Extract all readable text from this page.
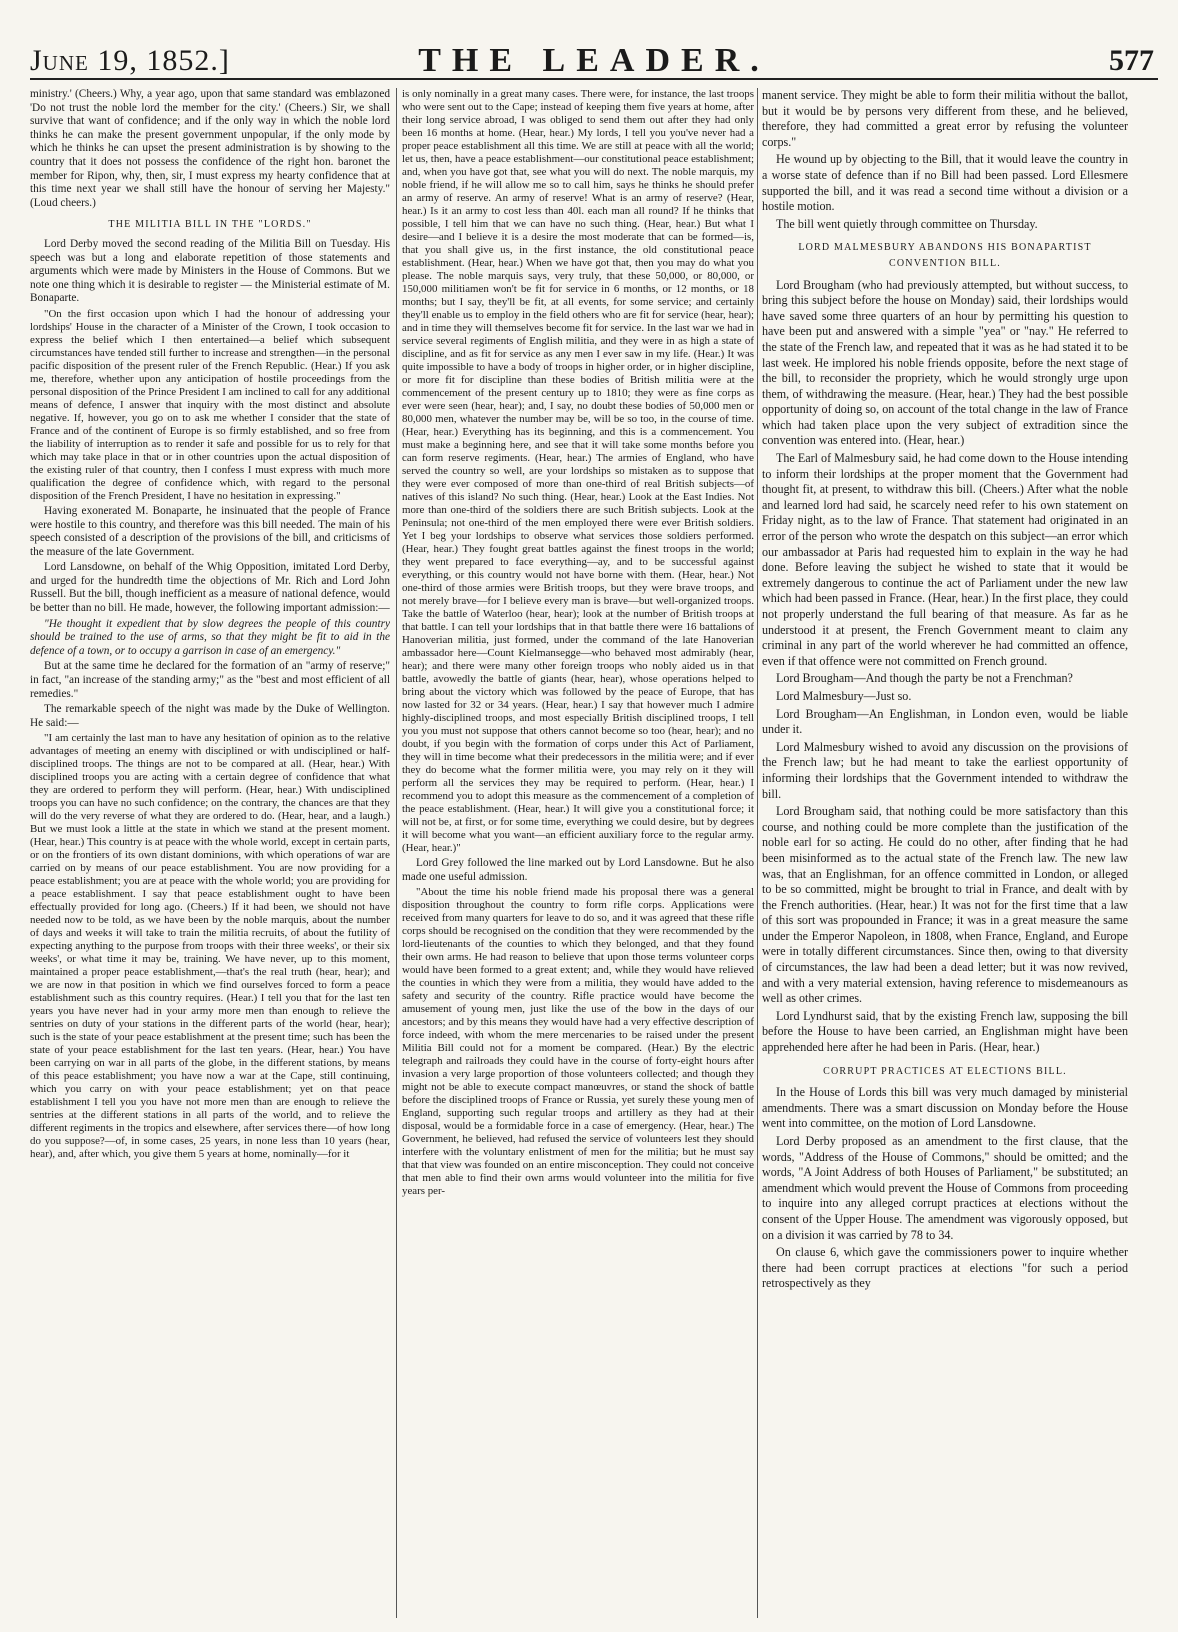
June 19, 1852.]	THE LEADER.	577

ministry.' (Cheers.) Why, a year ago, upon that same standard was emblazoned 'Do not trust the noble lord the member for the city.' (Cheers.) Sir, we shall survive that want of confidence; and if the only way in which the noble lord thinks he can make the present government unpopular, if the only mode by which he thinks he can upset the present administration is by showing to the country that it does not possess the confidence of the right hon. baronet the member for Ripon, why, then, sir, I must express my hearty confidence that at this time next year we shall still have the honour of serving her Majesty." (Loud cheers.)

THE MILITIA BILL IN THE "LORDS."

Lord Derby moved the second reading of the Militia Bill on Tuesday. His speech was but a long and elaborate repetition of those statements and arguments which were made by Ministers in the House of Commons. But we note one thing which it is desirable to register — the Ministerial estimate of M. Bonaparte.

"On the first occasion upon which I had the honour of addressing your lordships' House in the character of a Minister of the Crown, I took occasion to express the belief which I then entertained—a belief which subsequent circumstances have tended still further to increase and strengthen—in the personal pacific disposition of the present ruler of the French Republic. (Hear.) If you ask me, therefore, whether upon any anticipation of hostile proceedings from the personal disposition of the Prince President I am inclined to call for any additional means of defence, I answer that inquiry with the most distinct and absolute negative. If, however, you go on to ask me whether I consider that the state of France and of the continent of Europe is so firmly established, and so free from the liability of interruption as to render it safe and possible for us to rely for that which may take place in that or in other countries upon the actual disposition of the existing ruler of that country, then I confess I must express with much more qualification the degree of confidence which, with regard to the personal disposition of the French President, I have no hesitation in expressing."

Having exonerated M. Bonaparte, he insinuated that the people of France were hostile to this country, and therefore was this bill needed. The main of his speech consisted of a description of the provisions of the bill, and criticisms of the measure of the late Government.

Lord Lansdowne, on behalf of the Whig Opposition, imitated Lord Derby, and urged for the hundredth time the objections of Mr. Rich and Lord John Russell. But the bill, though inefficient as a measure of national defence, would be better than no bill. He made, however, the following important admission:—

"He thought it expedient that by slow degrees the people of this country should be trained to the use of arms, so that they might be fit to aid in the defence of a town, or to occupy a garrison in case of an emergency."

But at the same time he declared for the formation of an "army of reserve;" in fact, "an increase of the standing army;" as the "best and most efficient of all remedies."

The remarkable speech of the night was made by the Duke of Wellington. He said:—

"I am certainly the last man to have any hesitation of opinion as to the relative advantages of meeting an enemy with disciplined or with undisciplined or half-disciplined troops. The things are not to be compared at all. (Hear, hear.) With disciplined troops you are acting with a certain degree of confidence that what they are ordered to perform they will perform. (Hear, hear.) With undisciplined troops you can have no such confidence; on the contrary, the chances are that they will do the very reverse of what they are ordered to do. (Hear, hear, and a laugh.) But we must look a little at the state in which we stand at the present moment. (Hear, hear.) This country is at peace with the whole world, except in certain parts, or on the frontiers of its own distant dominions, with which operations of war are carried on by means of our peace establishment. You are now providing for a peace establishment; you are at peace with the whole world; you are providing for a peace establishment. I say that peace establishment ought to have been effectually provided for long ago. (Cheers.) If it had been, we should not have needed now to be told, as we have been by the noble marquis, about the number of days and weeks it will take to train the militia recruits, of about the futility of expecting anything to the purpose from troops with their three weeks', or their six weeks', or what time it may be, training. We have never, up to this moment, maintained a proper peace establishment,—that's the real truth (hear, hear); and we are now in that position in which we find ourselves forced to form a peace establishment such as this country requires. (Hear.) I tell you that for the last ten years you have never had in your army more men than enough to relieve the sentries on duty of your stations in the different parts of the world (hear, hear); such is the state of your peace establishment at the present time; such has been the state of your peace establishment for the last ten years. (Hear, hear.) You have been carrying on war in all parts of the globe, in the different stations, by means of this peace establishment; you have now a war at the Cape, still continuing, which you carry on with your peace establishment; yet on that peace establishment I tell you you have not more men than are enough to relieve the sentries at the different stations in all parts of the world, and to relieve the different regiments in the tropics and elsewhere, after services there—of how long do you suppose?—of, in some cases, 25 years, in none less than 10 years (hear, hear), and, after which, you give them 5 years at home, nominally—for it

is only nominally in a great many cases. There were, for instance, the last troops who were sent out to the Cape; instead of keeping them five years at home, after their long service abroad, I was obliged to send them out after they had only been 16 months at home. (Hear, hear.) My lords, I tell you you've never had a proper peace establishment all this time. We are still at peace with all the world; let us, then, have a peace establishment—our constitutional peace establishment; and, when you have got that, see what you will do next. The noble marquis, my noble friend, if he will allow me so to call him, says he thinks he should prefer an army of reserve. An army of reserve! What is an army of reserve? (Hear, hear.) Is it an army to cost less than 40l. each man all round? If he thinks that possible, I tell him that we can have no such thing. (Hear, hear.) But what I desire—and I believe it is a desire the most moderate that can be formed—is, that you shall give us, in the first instance, the old constitutional peace establishment. (Hear, hear.) When we have got that, then you may do what you please. The noble marquis says, very truly, that these 50,000, or 80,000, or 150,000 militiamen won't be fit for service in 6 months, or 12 months, or 18 months; but I say, they'll be fit, at all events, for some service; and certainly they'll enable us to employ in the field others who are fit for service (hear, hear); and in time they will themselves become fit for service. In the last war we had in service several regiments of English militia, and they were in as high a state of discipline, and as fit for service as any men I ever saw in my life. (Hear.) It was quite impossible to have a body of troops in higher order, or in higher discipline, or more fit for discipline than these bodies of British militia were at the commencement of the present century up to 1810; they were as fine corps as ever were seen (hear, hear); and, I say, no doubt these bodies of 50,000 men or 80,000 men, whatever the number may be, will be so too, in the course of time. (Hear, hear.) Everything has its beginning, and this is a commencement. You must make a beginning here, and see that it will take some months before you can form reserve regiments. (Hear, hear.) The armies of England, who have served the country so well, are your lordships so mistaken as to suppose that they were ever composed of more than one-third of real British subjects—of natives of this island? No such thing. (Hear, hear.) Look at the East Indies. Not more than one-third of the soldiers there are such British subjects. Look at the Peninsula; not one-third of the men employed there were ever British soldiers. Yet I beg your lordships to observe what services those soldiers performed. (Hear, hear.) They fought great battles against the finest troops in the world; they went prepared to face everything—ay, and to be successful against everything, or this country would not have borne with them. (Hear, hear.) Not one-third of those armies were British troops, but they were brave troops, and not merely brave—for I believe every man is brave—but well-organized troops. Take the battle of Waterloo (hear, hear); look at the number of British troops at that battle. I can tell your lordships that in that battle there were 16 battalions of Hanoverian militia, just formed, under the command of the late Hanoverian ambassador here—Count Kielmansegge—who behaved most admirably (hear, hear); and there were many other foreign troops who nobly aided us in that battle, avowedly the battle of giants (hear, hear), whose operations helped to bring about the victory which was followed by the peace of Europe, that has now lasted for 32 or 34 years. (Hear, hear.) I say that however much I admire highly-disciplined troops, and most especially British disciplined troops, I tell you you must not suppose that others cannot become so too (hear, hear); and no doubt, if you begin with the formation of corps under this Act of Parliament, they will in time become what their predecessors in the militia were; and if ever they do become what the former militia were, you may rely on it they will perform all the services they may be required to perform. (Hear, hear.) I recommend you to adopt this measure as the commencement of a completion of the peace establishment. (Hear, hear.) It will give you a constitutional force; it will not be, at first, or for some time, everything we could desire, but by degrees it will become what you want—an efficient auxiliary force to the regular army. (Hear, hear.)"

Lord Grey followed the line marked out by Lord Lansdowne. But he also made one useful admission.

"About the time his noble friend made his proposal there was a general disposition throughout the country to form rifle corps. Applications were received from many quarters for leave to do so, and it was agreed that these rifle corps should be recognised on the condition that they were recommended by the lord-lieutenants of the counties to which they belonged, and that they found their own arms. He had reason to believe that upon those terms volunteer corps would have been formed to a great extent; and, while they would have relieved the counties in which they were from a militia, they would have added to the safety and security of the country. Rifle practice would have become the amusement of young men, just like the use of the bow in the days of our ancestors; and by this means they would have had a very effective description of force indeed, with whom the mere mercenaries to be raised under the present Militia Bill could not for a moment be compared. (Hear.) By the electric telegraph and railroads they could have in the course of forty-eight hours after invasion a very large proportion of those volunteers collected; and though they might not be able to execute compact manœuvres, or stand the shock of battle before the disciplined troops of France or Russia, yet surely these young men of England, supporting such regular troops and artillery as they had at their disposal, would be a formidable force in a case of emergency. (Hear, hear.) The Government, he believed, had refused the service of volunteers lest they should interfere with the voluntary enlistment of men for the militia; but he must say that that view was founded on an entire misconception. They could not conceive that men able to find their own arms would volunteer into the militia for five years per-

manent service. They might be able to form their militia without the ballot, but it would be by persons very different from these, and he believed, therefore, they had committed a great error by refusing the volunteer corps."

He wound up by objecting to the Bill, that it would leave the country in a worse state of defence than if no Bill had been passed. Lord Ellesmere supported the bill, and it was read a second time without a division or a hostile motion.

The bill went quietly through committee on Thursday.

LORD MALMESBURY ABANDONS HIS BONAPARTIST CONVENTION BILL.

Lord Brougham (who had previously attempted, but without success, to bring this subject before the house on Monday) said, their lordships would have saved some three quarters of an hour by permitting his question to have been put and answered with a simple "yea" or "nay." He referred to the state of the French law, and repeated that it was as he had stated it to be last week. He implored his noble friends opposite, before the next stage of the bill, to reconsider the propriety, which he would strongly urge upon them, of withdrawing the measure. (Hear, hear.) They had the best possible opportunity of doing so, on account of the total change in the law of France which had taken place upon the very subject of extradition since the convention was entered into. (Hear, hear.)

The Earl of Malmesbury said, he had come down to the House intending to inform their lordships at the proper moment that the Government had thought fit, at present, to withdraw this bill. (Cheers.) After what the noble and learned lord had said, he scarcely need refer to his own statement on Friday night, as to the law of France. That statement had originated in an error of the person who wrote the despatch on this subject—an error which our ambassador at Paris had requested him to explain in the way he had done. Before leaving the subject he wished to state that it would be extremely dangerous to continue the act of Parliament under the new law which had been passed in France. (Hear, hear.) In the first place, they could not properly understand the full bearing of that measure. As far as he understood it at present, the French Government meant to claim any criminal in any part of the world wherever he had committed an offence, even if that offence were not committed on French ground.

Lord Brougham—And though the party be not a Frenchman?

Lord Malmesbury—Just so.

Lord Brougham—An Englishman, in London even, would be liable under it.

Lord Malmesbury wished to avoid any discussion on the provisions of the French law; but he had meant to take the earliest opportunity of informing their lordships that the Government intended to withdraw the bill.

Lord Brougham said, that nothing could be more satisfactory than this course, and nothing could be more complete than the justification of the noble earl for so acting. He could do no other, after finding that he had been misinformed as to the actual state of the French law. The new law was, that an Englishman, for an offence committed in London, or alleged to be so committed, might be brought to trial in France, and dealt with by the French authorities. (Hear, hear.) It was not for the first time that a law of this sort was propounded in France; it was in a great measure the same under the Emperor Napoleon, in 1808, when France, England, and Europe were in totally different circumstances. Since then, owing to that diversity of circumstances, the law had been a dead letter; but it was now revived, and with a very material extension, having reference to misdemeanours as well as other crimes.

Lord Lyndhurst said, that by the existing French law, supposing the bill before the House to have been carried, an Englishman might have been apprehended here after he had been in Paris. (Hear, hear.)

CORRUPT PRACTICES AT ELECTIONS BILL.

In the House of Lords this bill was very much damaged by ministerial amendments. There was a smart discussion on Monday before the House went into committee, on the motion of Lord Lansdowne.

Lord Derby proposed as an amendment to the first clause, that the words, "Address of the House of Commons," should be omitted; and the words, "A Joint Address of both Houses of Parliament," be substituted; an amendment which would prevent the House of Commons from proceeding to inquire into any alleged corrupt practices at elections without the consent of the Upper House. The amendment was vigorously opposed, but on a division it was carried by 78 to 34.

On clause 6, which gave the commissioners power to inquire whether there had been corrupt practices at elections "for such a period retrospectively as they
